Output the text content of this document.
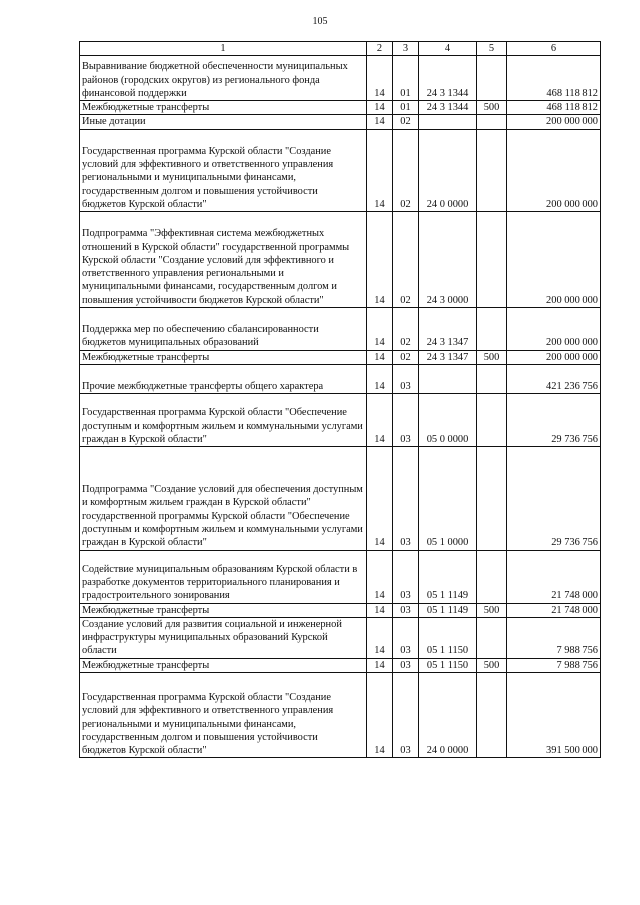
105
1	2	3	4	5	6
Выравнивание бюджетной обеспеченности муниципальных районов (городских округов) из регионального фонда финансовой поддержки	14	01	24 3 1344		468 118 812
Межбюджетные трансферты	14	01	24 3 1344	500	468 118 812
Иные дотации	14	02			200 000 000
Государственная программа Курской области "Создание условий для эффективного и ответственного управления региональными и муниципальными финансами, государственным долгом и повышения устойчивости бюджетов Курской области"	14	02	24 0 0000		200 000 000
Подпрограмма "Эффективная система межбюджетных отношений в Курской области" государственной программы Курской области "Создание условий для эффективного и ответственного управления региональными и муниципальными финансами, государственным долгом и повышения устойчивости бюджетов Курской области"	14	02	24 3 0000		200 000 000
Поддержка мер по обеспечению сбалансированности бюджетов муниципальных образований	14	02	24 3 1347		200 000 000
Межбюджетные трансферты	14	02	24 3 1347	500	200 000 000
Прочие межбюджетные трансферты общего характера	14	03			421 236 756
Государственная программа Курской области "Обеспечение доступным и комфортным жильем и коммунальными услугами граждан в Курской области"	14	03	05 0 0000		29 736 756
Подпрограмма "Создание условий для обеспечения доступным и комфортным жильем граждан в Курской области" государственной программы Курской области "Обеспечение доступным и комфортным жильем и коммунальными услугами граждан в Курской области"	14	03	05 1 0000		29 736 756
Содействие муниципальным образованиям Курской области в разработке документов территориального планирования и градостроительного зонирования	14	03	05 1 1149		21 748 000
Межбюджетные трансферты	14	03	05 1 1149	500	21 748 000
Создание условий для развития социальной и инженерной инфраструктуры муниципальных образований Курской области	14	03	05 1 1150		7 988 756
Межбюджетные трансферты	14	03	05 1 1150	500	7 988 756
Государственная программа Курской области "Создание условий для эффективного и ответственного управления региональными и муниципальными финансами, государственным долгом и повышения устойчивости бюджетов Курской области"	14	03	24 0 0000		391 500 000
